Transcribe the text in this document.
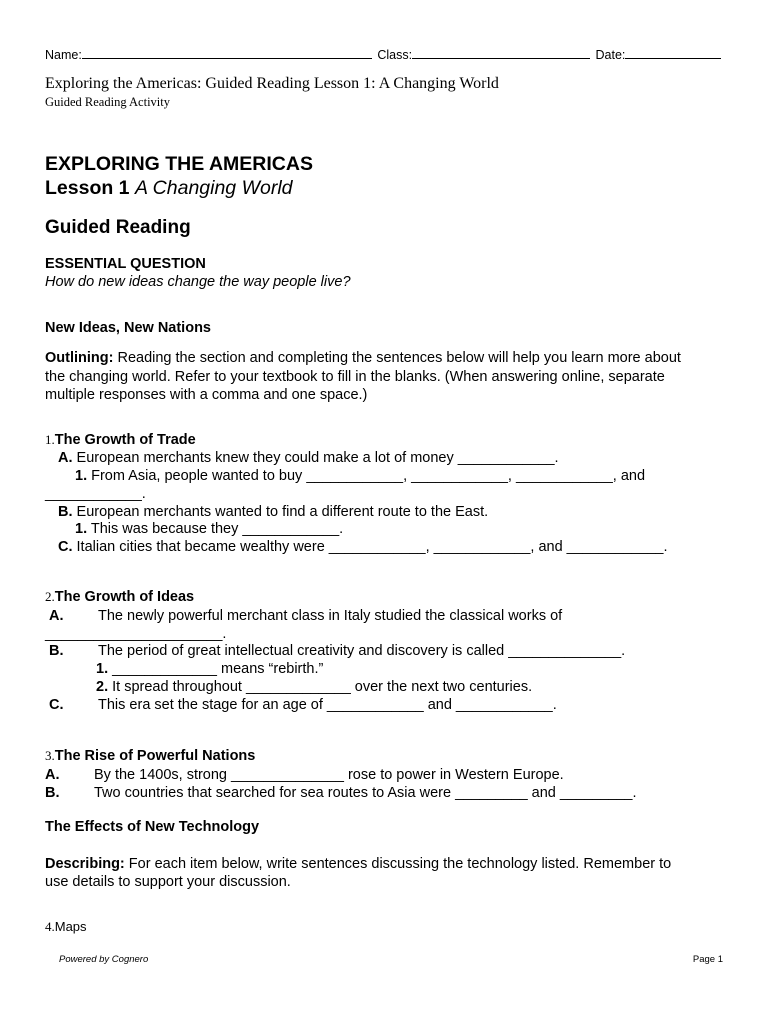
Name:	Class:	Date:
Exploring the Americas: Guided Reading Lesson 1: A Changing World
Guided Reading Activity
EXPLORING THE AMERICAS
Lesson 1 A Changing World
Guided Reading
ESSENTIAL QUESTION
How do new ideas change the way people live?
New Ideas, New Nations
Outlining: Reading the section and completing the sentences below will help you learn more about
the changing world. Refer to your textbook to fill in the blanks. (When answering online, separate
multiple responses with a comma and one space.)
1.The Growth of Trade
A. European merchants knew they could make a lot of money ____________.
1. From Asia, people wanted to buy ____________, ____________, ____________, and
____________.
B. European merchants wanted to find a different route to the East.
1. This was because they ____________.
C. Italian cities that became wealthy were ____________, ____________, and ____________.
2.The Growth of Ideas
A. The newly powerful merchant class in Italy studied the classical works of
______________________.
B. The period of great intellectual creativity and discovery is called ______________.
1. _____________ means “rebirth.”
2. It spread throughout _____________ over the next two centuries.
C. This era set the stage for an age of ____________ and ____________.
3.The Rise of Powerful Nations
A. By the 1400s, strong ______________ rose to power in Western Europe.
B. Two countries that searched for sea routes to Asia were _________ and _________.
The Effects of New Technology
Describing: For each item below, write sentences discussing the technology listed. Remember to
use details to support your discussion.
4.Maps
Powered by Cognero	Page 1
